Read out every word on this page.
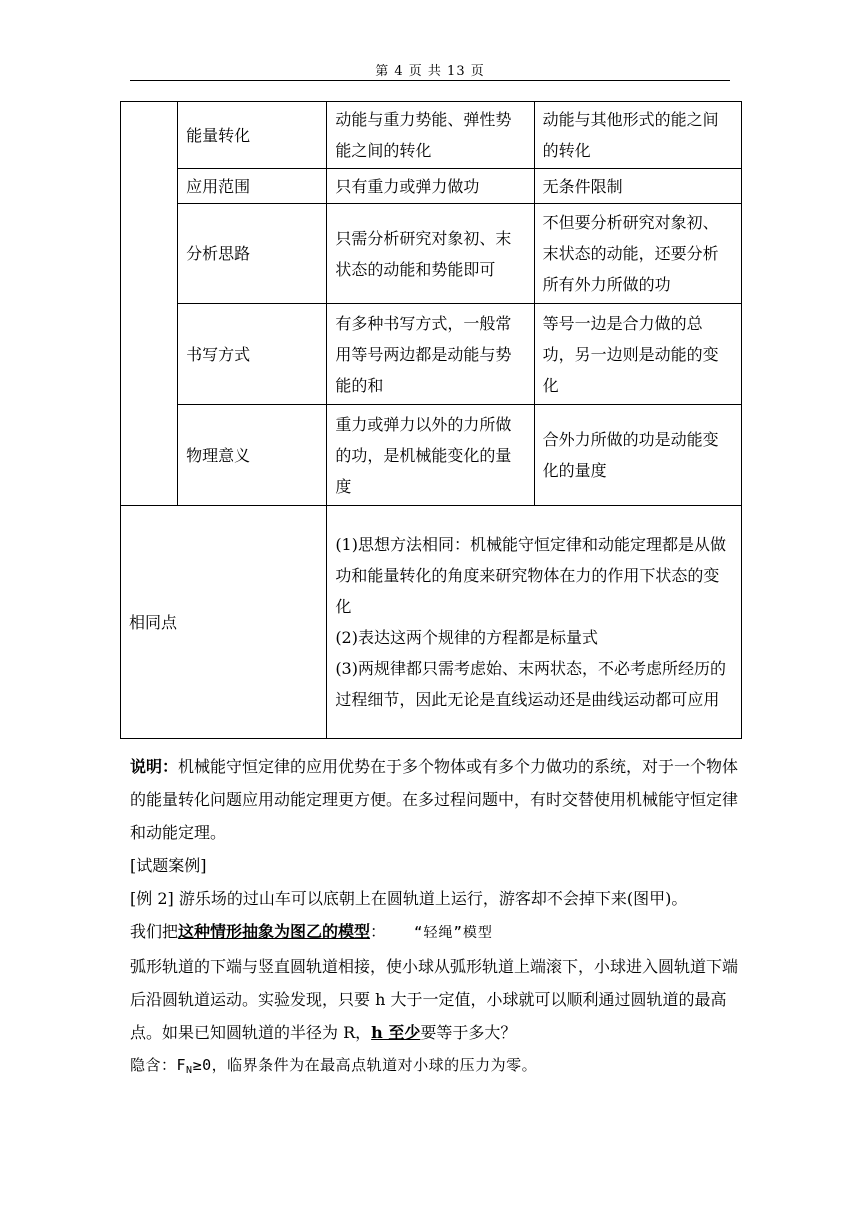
第 4 页 共 13 页
	能量转化	动能与重力势能、弹性势能之间的转化	动能与其他形式的能之间的转化
	应用范围	只有重力或弹力做功	无条件限制
	分析思路	只需分析研究对象初、末状态的动能和势能即可	不但要分析研究对象初、末状态的动能，还要分析所有外力所做的功
	书写方式	有多种书写方式，一般常用等号两边都是动能与势能的和	等号一边是合力做的总功，另一边则是动能的变化
	物理意义	重力或弹力以外的力所做的功，是机械能变化的量度	合外力所做的功是动能变化的量度
相同点		(1)思想方法相同：机械能守恒定律和动能定理都是从做功和能量转化的角度来研究物体在力的作用下状态的变化
(2)表达这两个规律的方程都是标量式
(3)两规律都只需考虑始、末两状态，不必考虑所经历的过程细节，因此无论是直线运动还是曲线运动都可应用	

说明：机械能守恒定律的应用优势在于多个物体或有多个力做功的系统，对于一个物体的能量转化问题应用动能定理更方便。在多过程问题中，有时交替使用机械能守恒定律和动能定理。

[试题案例]

[例 2] 游乐场的过山车可以底朝上在圆轨道上运行，游客却不会掉下来(图甲)。

我们把这种情形抽象为图乙的模型： “轻绳”模型

弧形轨道的下端与竖直圆轨道相接，使小球从弧形轨道上端滚下，小球进入圆轨道下端后沿圆轨道运动。实验发现，只要 h 大于一定值，小球就可以顺利通过圆轨道的最高点。如果已知圆轨道的半径为 R，h 至少要等于多大？

隐含：$F_N\ge 0$，临界条件为在最高点轨道对小球的压力为零。
